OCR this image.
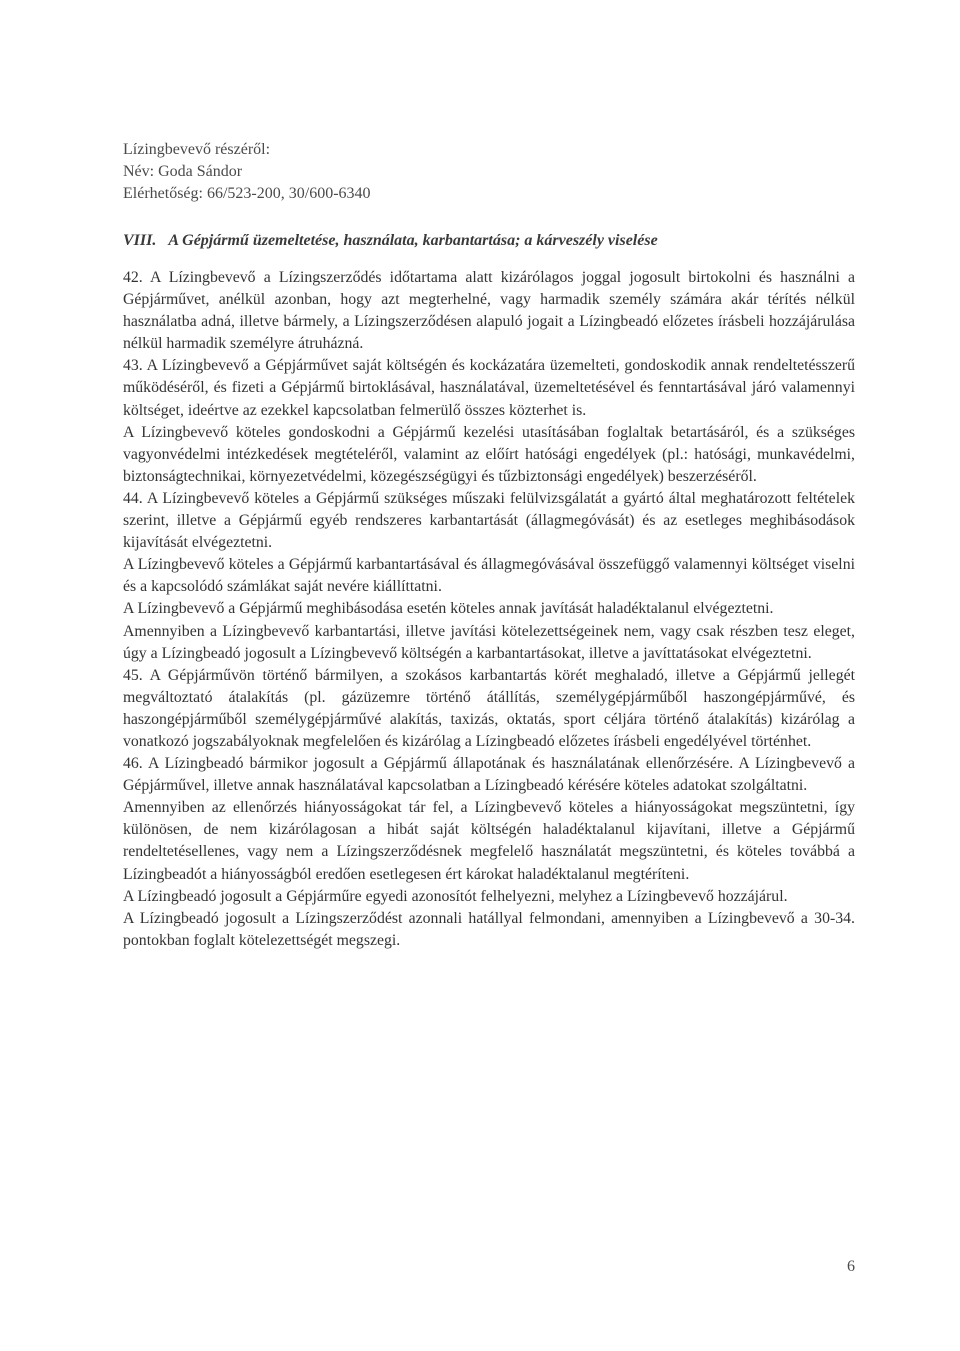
Lízingbevevő részéről:
Név: Goda Sándor
Elérhetőség: 66/523-200, 30/600-6340
VIII. A Gépjármű üzemeltetése, használata, karbantartása; a kárveszély viselése

42. A Lízingbevevő a Lízingszerződés időtartama alatt kizárólagos joggal jogosult birtokolni és használni a Gépjárművet, anélkül azonban, hogy azt megterhelné, vagy harmadik személy számára akár térítés nélkül használatba adná, illetve bármely, a Lízingszerződésen alapuló jogait a Lízingbeadó előzetes írásbeli hozzájárulása nélkül harmadik személyre átruházná.

43. A Lízingbevevő a Gépjárművet saját költségén és kockázatára üzemelteti, gondoskodik annak rendeltetésszerű működéséről, és fizeti a Gépjármű birtoklásával, használatával, üzemeltetésével és fenntartásával járó valamennyi költséget, ideértve az ezekkel kapcsolatban felmerülő összes közterhet is.

A Lízingbevevő köteles gondoskodni a Gépjármű kezelési utasításában foglaltak betartásáról, és a szükséges vagyonvédelmi intézkedések megtételéről, valamint az előírt hatósági engedélyek (pl.: hatósági, munkavédelmi, biztonságtechnikai, környezetvédelmi, közegészségügyi és tűzbiztonsági engedélyek) beszerzéséről.

44. A Lízingbevevő köteles a Gépjármű szükséges műszaki felülvizsgálatát a gyártó által meghatározott feltételek szerint, illetve a Gépjármű egyéb rendszeres karbantartását (állagmegóvását) és az esetleges meghibásodások kijavítását elvégeztetni.

A Lízingbevevő köteles a Gépjármű karbantartásával és állagmegóvásával összefüggő valamennyi költséget viselni és a kapcsolódó számlákat saját nevére kiállíttatni.

A Lízingbevevő a Gépjármű meghibásodása esetén köteles annak javítását haladéktalanul elvégeztetni.

Amennyiben a Lízingbevevő karbantartási, illetve javítási kötelezettségeinek nem, vagy csak részben tesz eleget, úgy a Lízingbeadó jogosult a Lízingbevevő költségén a karbantartásokat, illetve a javíttatásokat elvégeztetni.

45. A Gépjárművön történő bármilyen, a szokásos karbantartás körét meghaladó, illetve a Gépjármű jellegét megváltoztató átalakítás (pl. gázüzemre történő átállítás, személygépjárműből haszongépjárművé, és haszongépjárműből személygépjárművé alakítás, taxizás, oktatás, sport céljára történő átalakítás) kizárólag a vonatkozó jogszabályoknak megfelelően és kizárólag a Lízingbeadó előzetes írásbeli engedélyével történhet.

46. A Lízingbeadó bármikor jogosult a Gépjármű állapotának és használatának ellenőrzésére. A Lízingbevevő a Gépjárművel, illetve annak használatával kapcsolatban a Lízingbeadó kérésére köteles adatokat szolgáltatni.

Amennyiben az ellenőrzés hiányosságokat tár fel, a Lízingbevevő köteles a hiányosságokat megszüntetni, így különösen, de nem kizárólagosan a hibát saját költségén haladéktalanul kijavítani, illetve a Gépjármű rendeltetésellenes, vagy nem a Lízingszerződésnek megfelelő használatát megszüntetni, és köteles továbbá a Lízingbeadót a hiányosságból eredően esetlegesen ért károkat haladéktalanul megtéríteni.

A Lízingbeadó jogosult a Gépjárműre egyedi azonosítót felhelyezni, melyhez a Lízingbevevő hozzájárul.

A Lízingbeadó jogosult a Lízingszerződést azonnali hatállyal felmondani, amennyiben a Lízingbevevő a 30-34. pontokban foglalt kötelezettségét megszegi.

6
